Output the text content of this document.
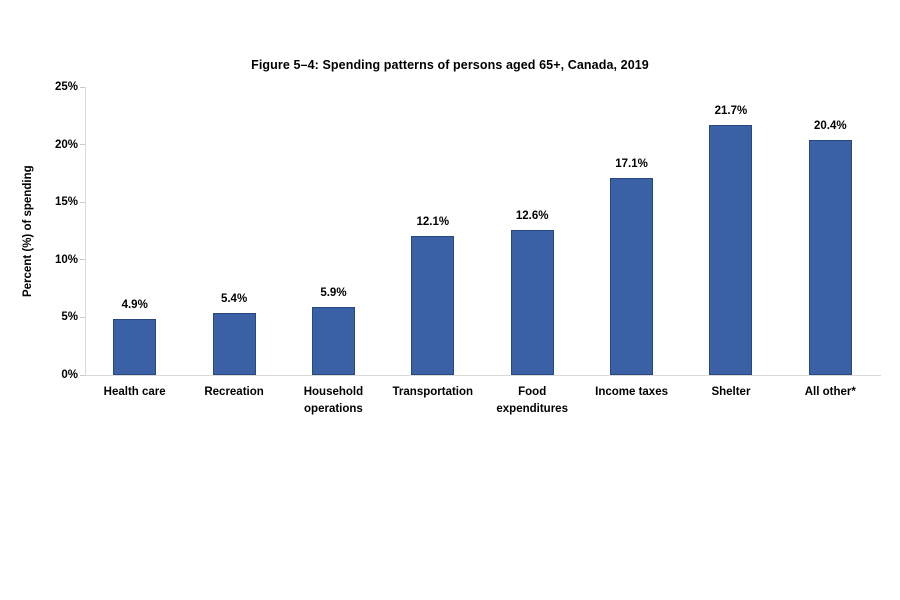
Figure 5–4: Spending patterns of persons aged 65+, Canada, 2019
Percent (%) of spending
0%
5%
10%
15%
20%
25%
4.9%	5.4%	5.9%
12.1%	12.6%
17.1%
21.7%
20.4%
Health care	Recreation	Household operations
Transportation	Food expenditures
Income taxes	Shelter	All other*
